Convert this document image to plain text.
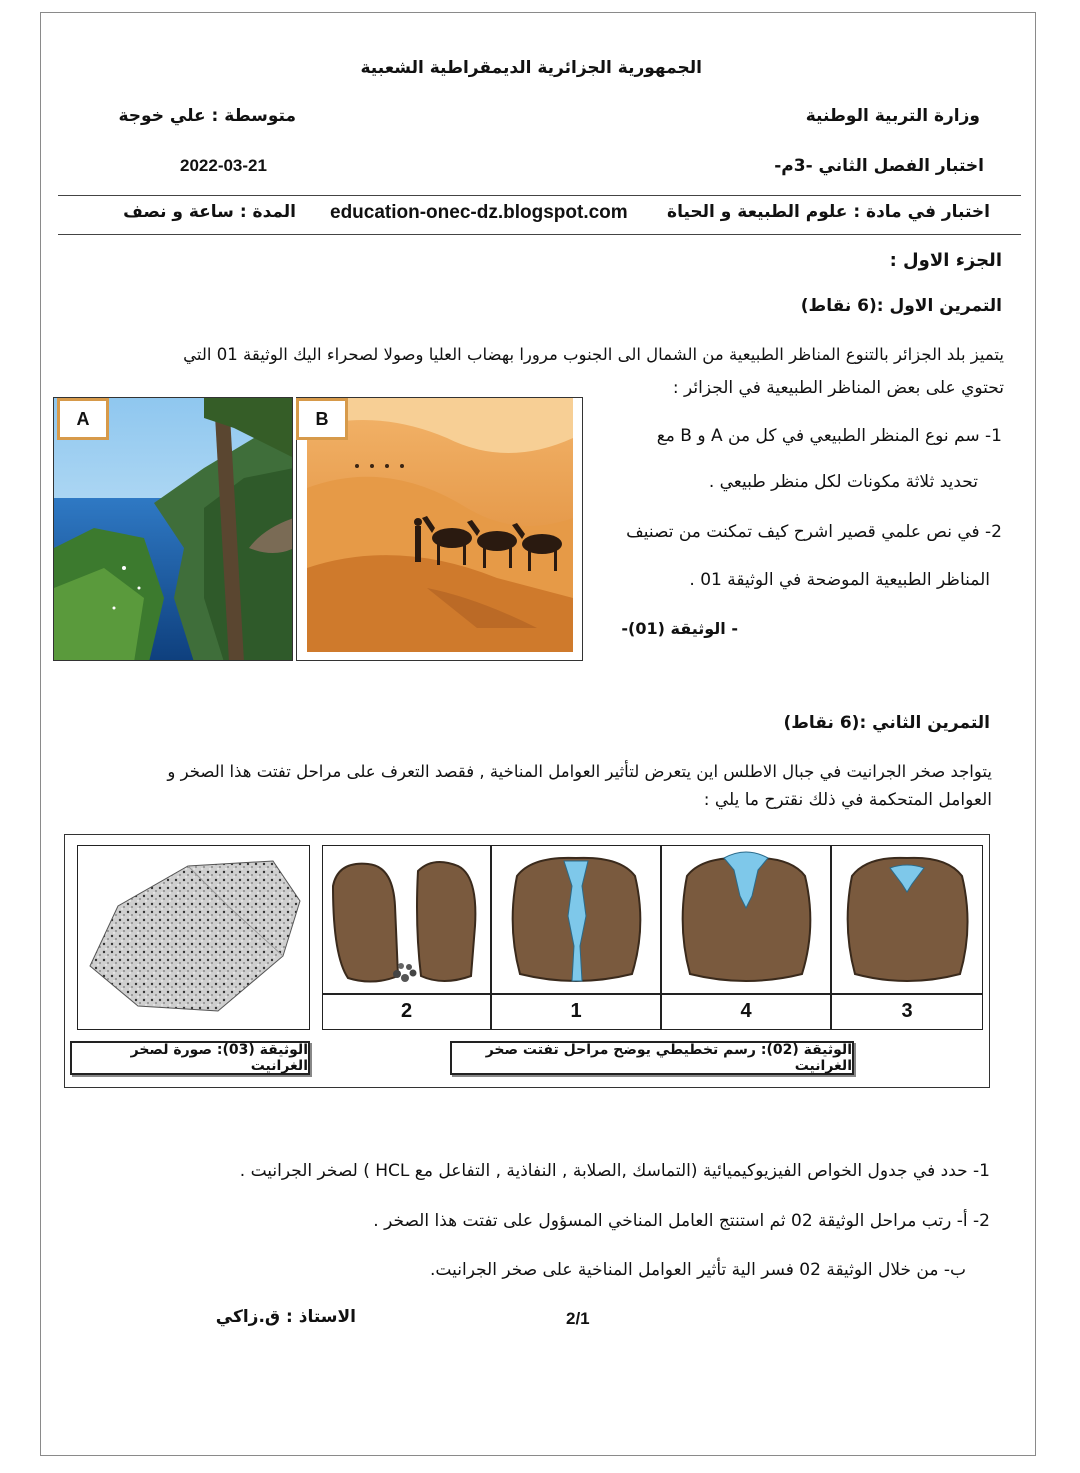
الجمهورية الجزائرية الديمقراطية الشعبية
وزارة التربية الوطنية
متوسطة : علي خوجة
اختبار الفصل الثاني -3م-
2022-03-21
اختبار في مادة : علوم الطبيعة و الحياة
education-onec-dz.blogspot.com
المدة : ساعة و نصف
الجزء الاول :
التمرين الاول :(6 نقاط)
يتميز بلد الجزائر بالتنوع المناظر الطبيعية من الشمال الى الجنوب مرورا بهضاب العليا وصولا لصحراء اليك الوثيقة 01 التي
تحتوي على بعض المناظر الطبيعية في الجزائر :
A	B
1- سم نوع المنظر الطبيعي في كل من A و B مع
تحديد ثلاثة مكونات لكل منظر طبيعي .
2- في نص علمي قصير اشرح كيف تمكنت من تصنيف
المناظر الطبيعية الموضحة في الوثيقة 01 .
- الوثيقة (01)-
التمرين الثاني :(6 نقاط)
يتواجد صخر الجرانيت في جبال الاطلس اين يتعرض لتأثير العوامل المناخية , فقصد التعرف على مراحل تفتت هذا الصخر و
العوامل المتحكمة في ذلك نقترح ما يلي :
2	1	4	3
الوثيقة (03): صورة لصخر الغرانيت
الوثيقة (02): رسم تخطيطي يوضح مراحل تفتت صخر الغرانيت
1- حدد في جدول الخواص الفيزيوكيميائية (التماسك ,الصلابة , النفاذية , التفاعل مع HCL ) لصخر الجرانيت .
2- أ- رتب مراحل الوثيقة 02 ثم استنتج العامل المناخي المسؤول على تفتت هذا الصخر .
ب- من خلال الوثيقة 02 فسر الية تأثير العوامل المناخية على صخر الجرانيت.
2/1
الاستاذ : ق.زاكي
